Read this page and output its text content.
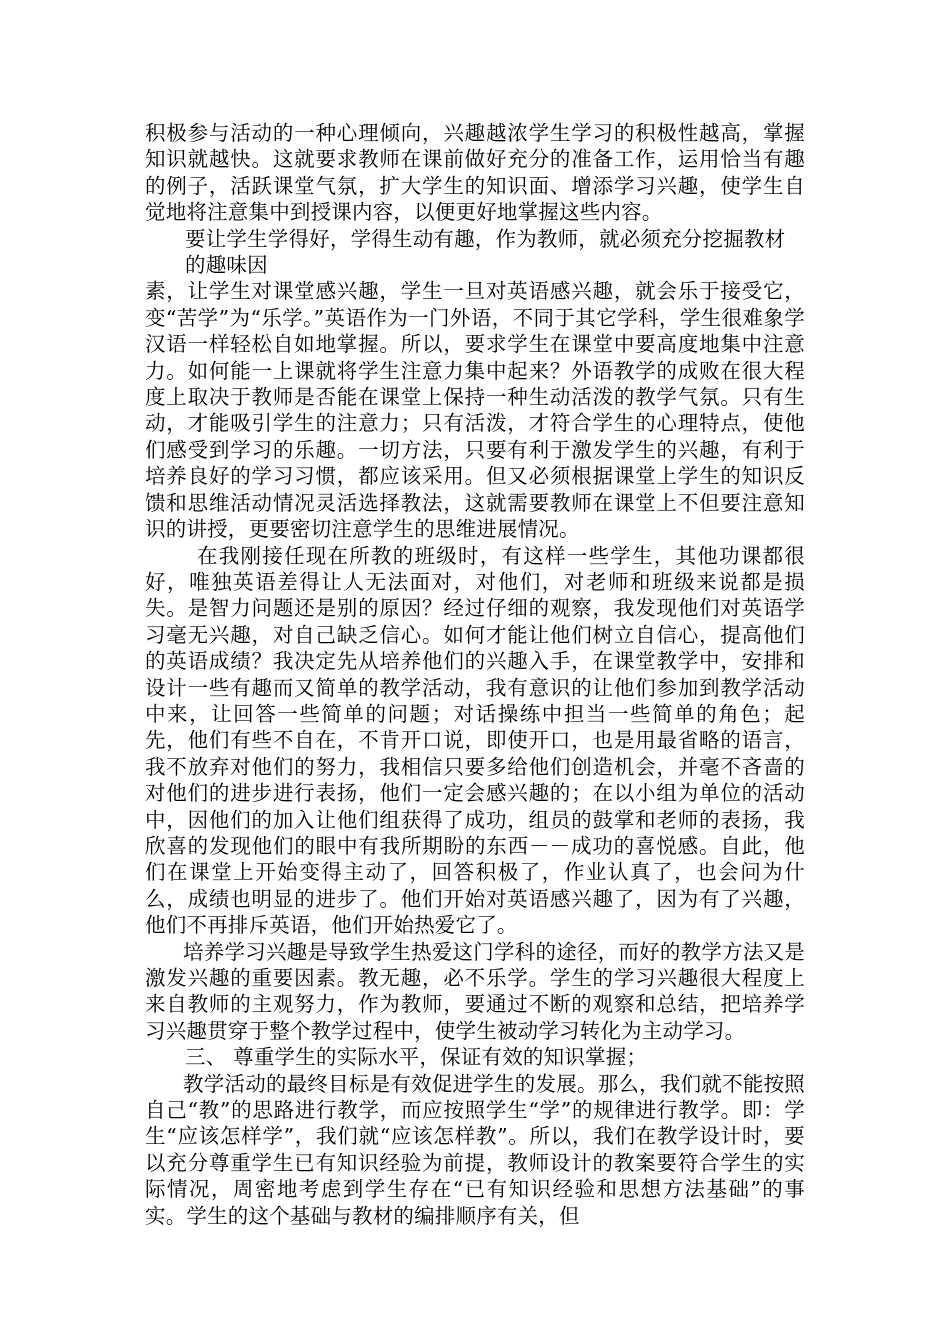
积极参与活动的一种心理倾向，兴趣越浓学生学习的积极性越高，掌握知识就越快。这就要求教师在课前做好充分的准备工作，运用恰当有趣的例子，活跃课堂气氛，扩大学生的知识面、增添学习兴趣，使学生自觉地将注意集中到授课内容，以便更好地掌握这些内容。

要让学生学得好，学得生动有趣，作为教师，就必须充分挖掘教材

的趣味因

素，让学生对课堂感兴趣，学生一旦对英语感兴趣，就会乐于接受它，变“苦学”为“乐学。”英语作为一门外语，不同于其它学科，学生很难象学汉语一样轻松自如地掌握。所以，要求学生在课堂中要高度地集中注意力。如何能一上课就将学生注意力集中起来？外语教学的成败在很大程度上取决于教师是否能在课堂上保持一种生动活泼的教学气氛。只有生动，才能吸引学生的注意力；只有活泼，才符合学生的心理特点，使他们感受到学习的乐趣。一切方法，只要有利于激发学生的兴趣，有利于培养良好的学习习惯，都应该采用。但又必须根据课堂上学生的知识反馈和思维活动情况灵活选择教法，这就需要教师在课堂上不但要注意知识的讲授，更要密切注意学生的思维进展情况。

在我刚接任现在所教的班级时，有这样一些学生，其他功课都很好，唯独英语差得让人无法面对，对他们，对老师和班级来说都是损失。是智力问题还是别的原因？经过仔细的观察，我发现他们对英语学习毫无兴趣，对自己缺乏信心。如何才能让他们树立自信心，提高他们的英语成绩？我决定先从培养他们的兴趣入手，在课堂教学中，安排和设计一些有趣而又简单的教学活动，我有意识的让他们参加到教学活动中来，让回答一些简单的问题；对话操练中担当一些简单的角色；起先，他们有些不自在，不肯开口说，即使开口，也是用最省略的语言，我不放弃对他们的努力，我相信只要多给他们创造机会，并毫不吝啬的对他们的进步进行表扬，他们一定会感兴趣的；在以小组为单位的活动中，因他们的加入让他们组获得了成功，组员的鼓掌和老师的表扬，我欣喜的发现他们的眼中有我所期盼的东西－－成功的喜悦感。自此，他们在课堂上开始变得主动了，回答积极了，作业认真了，也会问为什么，成绩也明显的进步了。他们开始对英语感兴趣了，因为有了兴趣，他们不再排斥英语，他们开始热爱它了。

培养学习兴趣是导致学生热爱这门学科的途径，而好的教学方法又是激发兴趣的重要因素。教无趣，必不乐学。学生的学习兴趣很大程度上来自教师的主观努力，作为教师，要通过不断的观察和总结，把培养学习兴趣贯穿于整个教学过程中，使学生被动学习转化为主动学习。

三、 尊重学生的实际水平，保证有效的知识掌握；

教学活动的最终目标是有效促进学生的发展。那么，我们就不能按照自己“教”的思路进行教学，而应按照学生“学”的规律进行教学。即：学生“应该怎样学”，我们就“应该怎样教”。所以，我们在教学设计时，要以充分尊重学生已有知识经验为前提，教师设计的教案要符合学生的实际情况，周密地考虑到学生存在“已有知识经验和思想方法基础”的事实。学生的这个基础与教材的编排顺序有关，但
